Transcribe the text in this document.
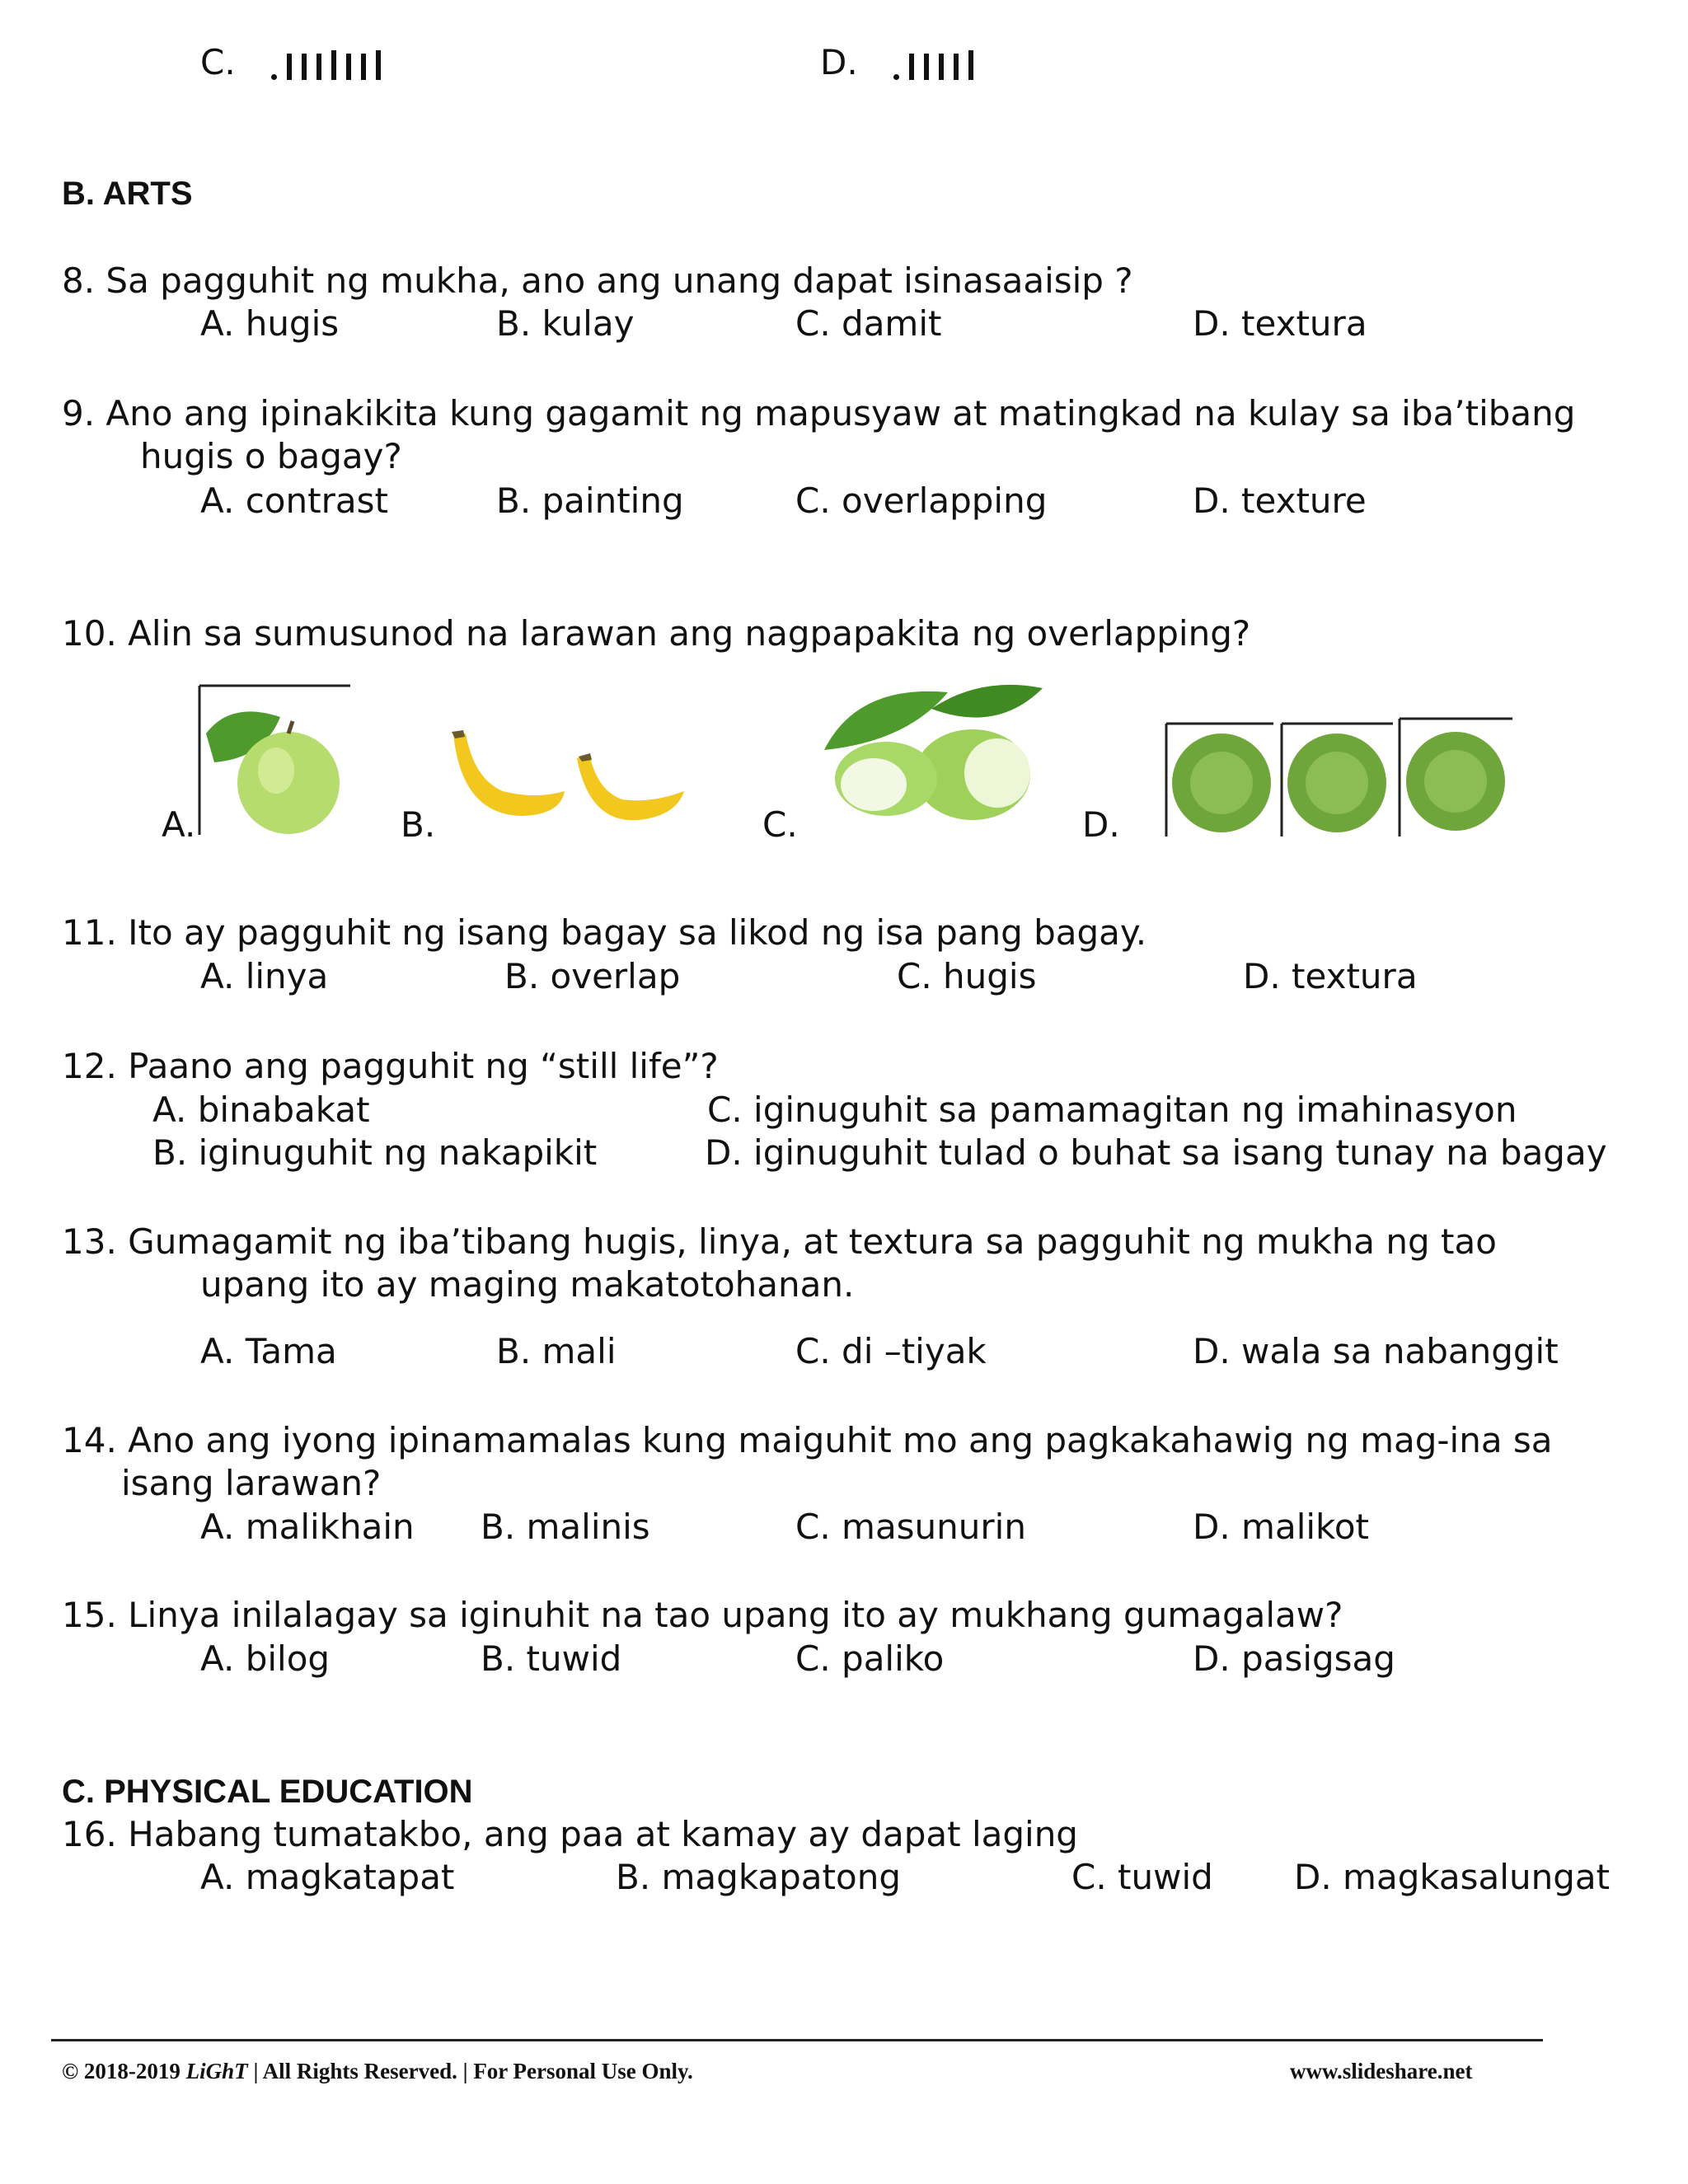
C.	D.
B. ARTS
8. Sa pagguhit ng mukha, ano ang unang dapat isinasaaisip ?
A. hugis	B. kulay	C. damit	D. textura
9. Ano ang ipinakikita kung gagamit ng mapusyaw at matingkad na kulay sa iba’tibang
hugis o bagay?
A. contrast	B. painting	C. overlapping	D. texture
10. Alin sa sumusunod na larawan ang nagpapakita ng overlapping?
A.	B.	C.	D.
11. Ito ay pagguhit ng isang bagay sa likod ng isa pang bagay.
A. linya	B. overlap	C. hugis	D. textura
12. Paano ang pagguhit ng “still life”?
A. binabakat	C. iginuguhit sa pamamagitan ng imahinasyon
B. iginuguhit ng nakapikit	D. iginuguhit tulad o buhat sa isang tunay na bagay
13. Gumagamit ng iba’tibang hugis, linya, at textura sa pagguhit ng mukha ng tao
upang ito ay maging makatotohanan.
A. Tama	B. mali	C. di –tiyak	D. wala sa nabanggit
14. Ano ang iyong ipinamamalas kung maiguhit mo ang pagkakahawig ng mag-ina sa
isang larawan?
A. malikhain B. malinis	C. masunurin	D. malikot
15. Linya inilalagay sa iginuhit na tao upang ito ay mukhang gumagalaw?
A. bilog	B. tuwid	C. paliko	D. pasigsag
C. PHYSICAL EDUCATION
16. Habang tumatakbo, ang paa at kamay ay dapat laging
A. magkatapat	B. magkapatong	C. tuwid D. magkasalungat
© 2018-2019 LiGhT | All Rights Reserved. | For Personal Use Only.	www.slideshare.net
